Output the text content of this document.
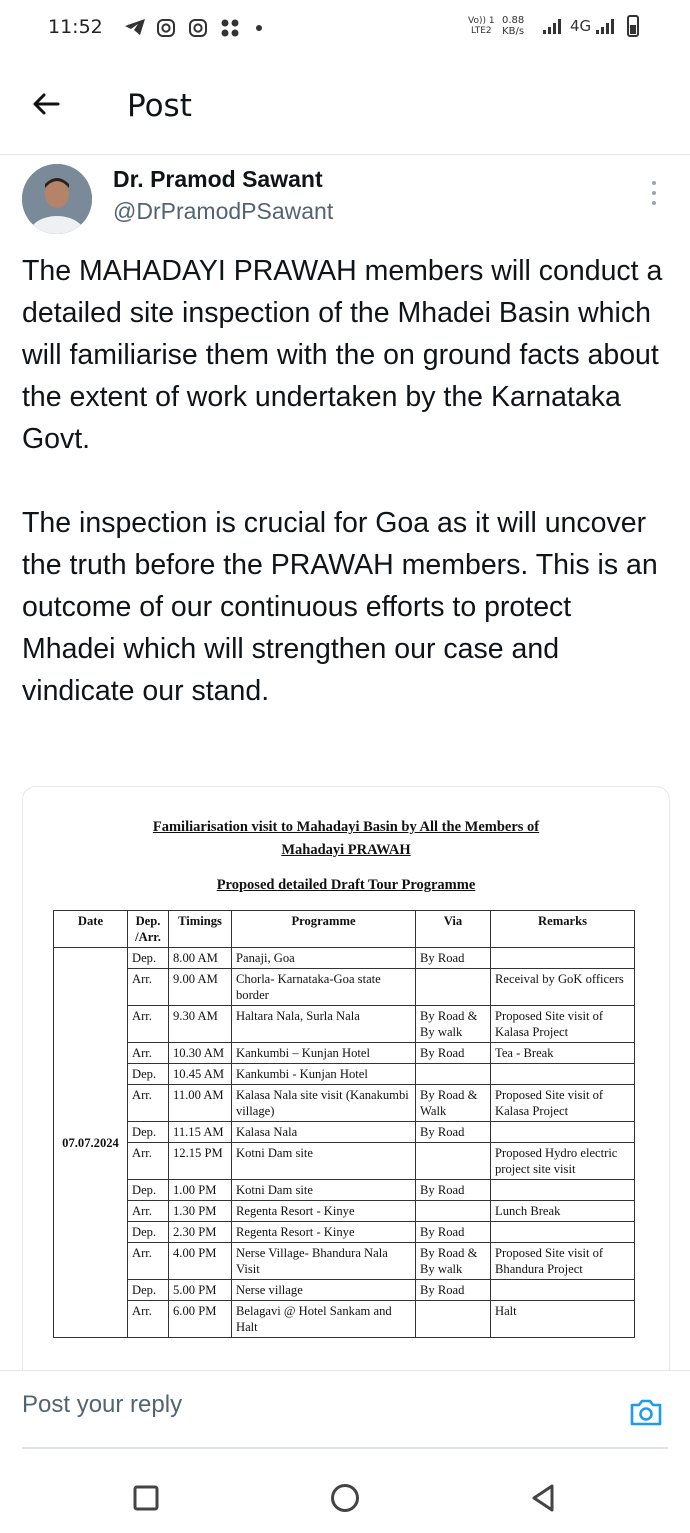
11:52	Vo)) 1
LTE2
0.88
KB/s	4G
Post
Dr. Pramod Sawant
@DrPramodPSawant

The MAHADAYI PRAWAH members will conduct a detailed site inspection of the Mhadei Basin which will familiarise them with the on ground facts about the extent of work undertaken by the Karnataka Govt.

The inspection is crucial for Goa as it will uncover the truth before the PRAWAH members. This is an outcome of our continuous efforts to protect Mhadei which will strengthen our case and vindicate our stand.

Familiarisation visit to Mahadayi Basin by All the Members of
Mahadayi PRAWAH
Proposed detailed Draft Tour Programme
Date	Dep. /Arr.	Timings	Programme	Via	Remarks
07.07.2024	Dep.	8.00 AM	Panaji, Goa	By Road	
	Arr.	9.00 AM	Chorla- Karnataka-Goa state border		Receival by GoK officers
	Arr.	9.30 AM	Haltara Nala, Surla Nala	By Road & By walk	Proposed Site visit of Kalasa Project
	Arr.	10.30 AM	Kankumbi – Kunjan Hotel	By Road	Tea - Break
	Dep.	10.45 AM	Kankumbi - Kunjan Hotel		
	Arr.	11.00 AM	Kalasa Nala site visit (Kanakumbi village)	By Road & Walk	Proposed Site visit of Kalasa Project
	Dep.	11.15 AM	Kalasa Nala	By Road	
	Arr.	12.15 PM	Kotni Dam site		Proposed Hydro electric project site visit
	Dep.	1.00 PM	Kotni Dam site	By Road	
	Arr.	1.30 PM	Regenta Resort - Kinye		Lunch Break
	Dep.	2.30 PM	Regenta Resort - Kinye	By Road	
	Arr.	4.00 PM	Nerse Village- Bhandura Nala Visit	By Road & By walk	Proposed Site visit of Bhandura Project
	Dep.	5.00 PM	Nerse village	By Road	
	Arr.	6.00 PM	Belagavi @ Hotel Sankam and Halt		Halt
Post your reply
